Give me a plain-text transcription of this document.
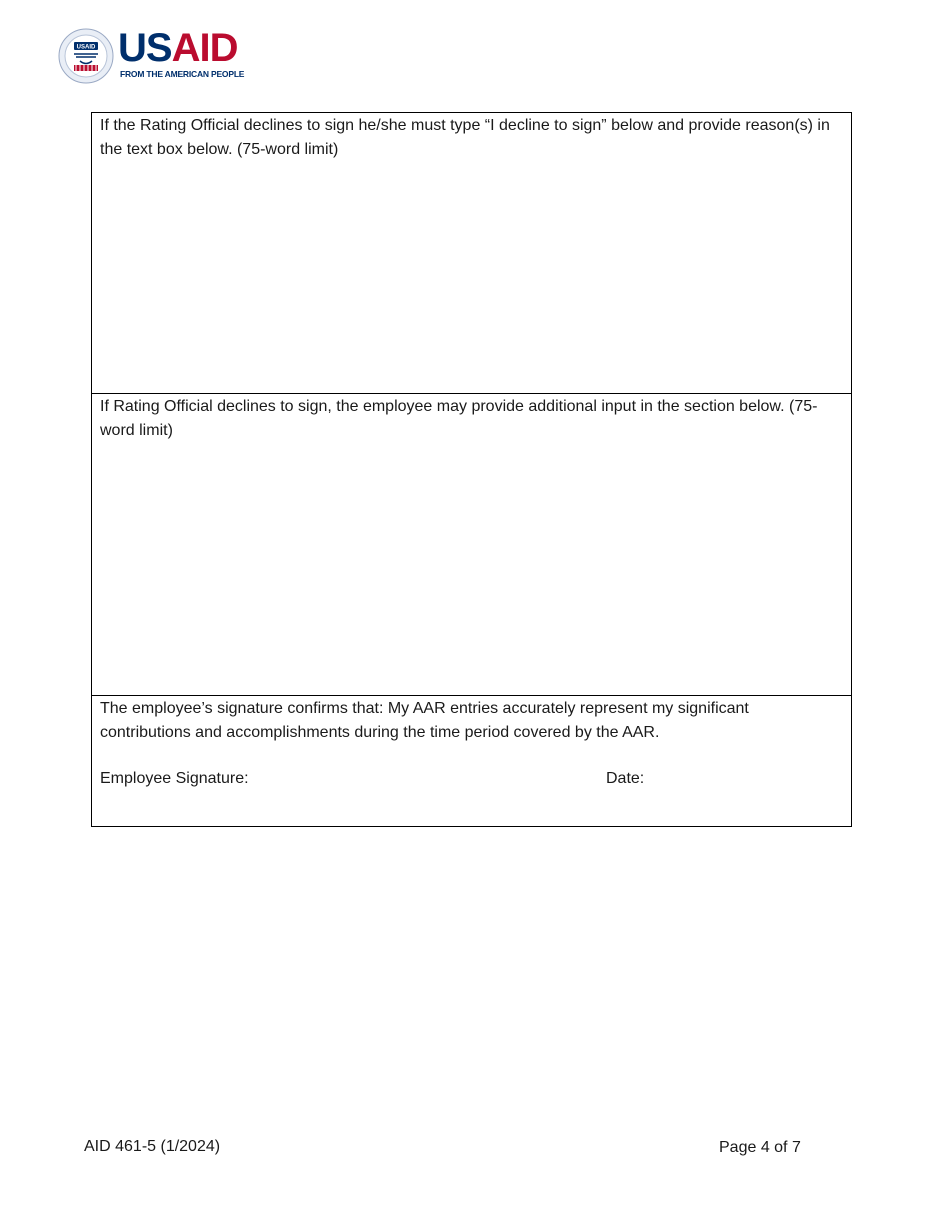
USAID USAID
FROM THE AMERICAN PEOPLE
If the Rating Official declines to sign he/she must type “I decline to sign” below and provide reason(s) in the text box below. (75-word limit)
If Rating Official declines to sign, the employee may provide additional input in the section below. (75-word limit)
The employee’s signature confirms that: My AAR entries accurately represent my significant contributions and accomplishments during the time period covered by the AAR.
Employee Signature:	Date:
AID 461-5 (1/2024)	Page 4 of 7
